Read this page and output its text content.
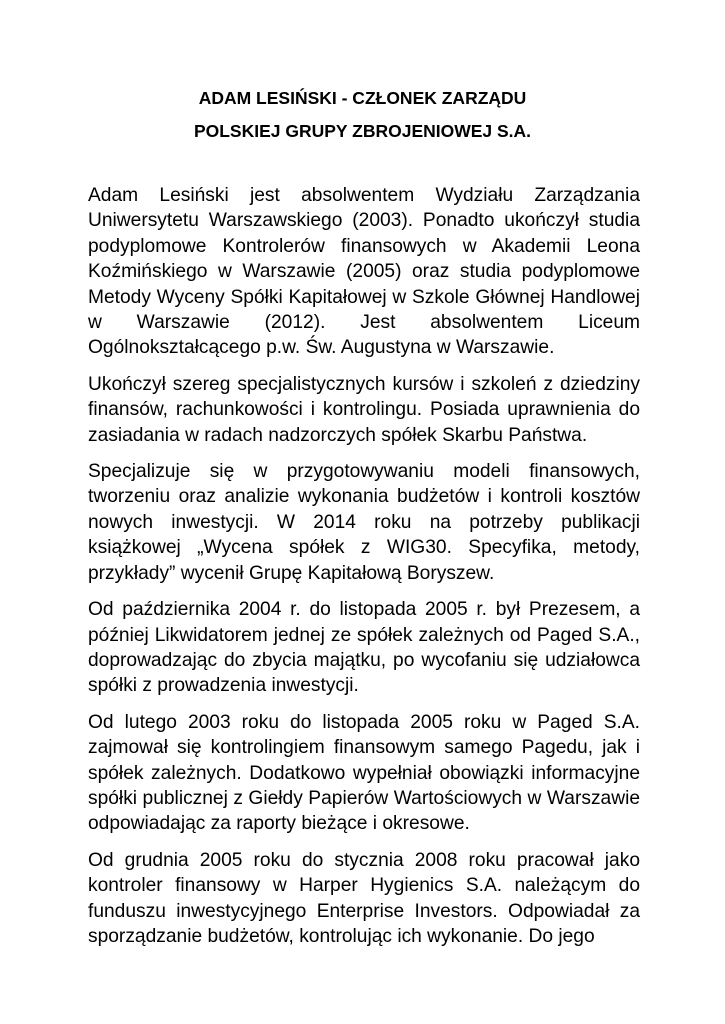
ADAM LESIŃSKI - CZŁONEK ZARZĄDU
POLSKIEJ GRUPY ZBROJENIOWEJ S.A.

Adam Lesiński jest absolwentem Wydziału Zarządzania Uniwersytetu Warszawskiego (2003). Ponadto ukończył studia podyplomowe Kontrolerów finansowych w Akademii Leona Koźmińskiego w Warszawie (2005) oraz studia podyplomowe Metody Wyceny Spółki Kapitałowej w Szkole Głównej Handlowej w Warszawie (2012). Jest absolwentem Liceum Ogólnokształcącego p.w. Św. Augustyna w Warszawie.

Ukończył szereg specjalistycznych kursów i szkoleń z dziedziny finansów, rachunkowości i kontrolingu. Posiada uprawnienia do zasiadania w radach nadzorczych spółek Skarbu Państwa.

Specjalizuje się w przygotowywaniu modeli finansowych, tworzeniu oraz analizie wykonania budżetów i kontroli kosztów nowych inwestycji. W 2014 roku na potrzeby publikacji książkowej „Wycena spółek z WIG30. Specyfika, metody, przykłady” wycenił Grupę Kapitałową Boryszew.

Od października 2004 r. do listopada 2005 r. był Prezesem, a później Likwidatorem jednej ze spółek zależnych od Paged S.A., doprowadzając do zbycia majątku, po wycofaniu się udziałowca spółki z prowadzenia inwestycji.

Od lutego 2003 roku do listopada 2005 roku w Paged S.A. zajmował się kontrolingiem finansowym samego Pagedu, jak i spółek zależnych. Dodatkowo wypełniał obowiązki informacyjne spółki publicznej z Giełdy Papierów Wartościowych w Warszawie odpowiadając za raporty bieżące i okresowe.

Od grudnia 2005 roku do stycznia 2008 roku pracował jako kontroler finansowy w Harper Hygienics S.A. należącym do funduszu inwestycyjnego Enterprise Investors. Odpowiadał za sporządzanie budżetów, kontrolując ich wykonanie. Do jego
